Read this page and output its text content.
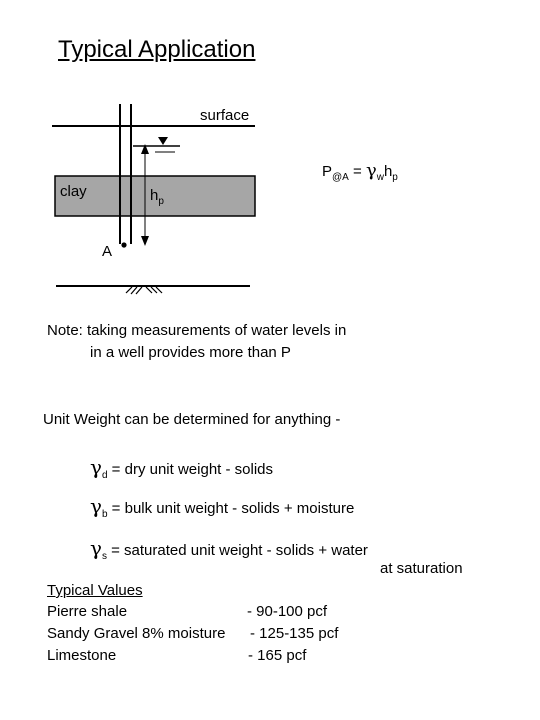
Typical Application
surface
$P_{@A} = \gamma_wh_p$
clay	$h_p$
A
Note: taking measurements of water levels in
in a well provides more than P
Unit Weight can be determined for anything -
$\gamma_d$ = dry unit weight - solids
$\gamma_b$ = bulk unit weight - solids + moisture
$\gamma_s$ = saturated unit weight - solids + water
at saturation
Typical Values
Pierre shale	- 90-100 pcf
Sandy Gravel 8% moisture - 125-135 pcf
Limestone	- 165 pcf
